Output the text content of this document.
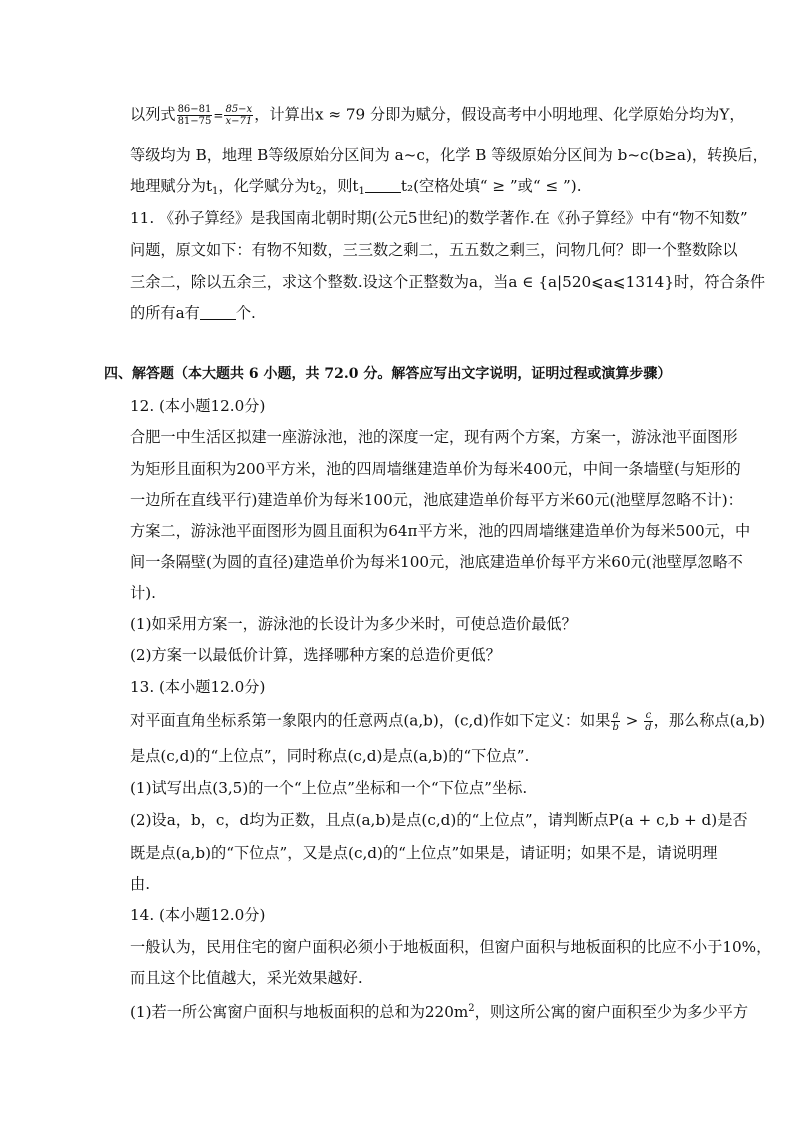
以列式 $\frac{86-81}{81-75} = \frac{85-x}{x-71}$ ，计算出x ≈ 79 分即为赋分，假设高考中小明地理、化学原始分均为Y，
等级均为 B，地理 B等级原始分区间为 a~c，化学 B 等级原始分区间为 b~c(b≥a)，转换后，
地理赋分为$t_1$，化学赋分为$t_2$，则$t_1$ t₂(空格处填“ ≥ ”或“ ≤ ”).
11. 《孙子算经》是我国南北朝时期(公元5世纪)的数学著作.在《孙子算经》中有“物不知数”
问题，原文如下：有物不知数，三三数之剩二，五五数之剩三，问物几何？即一个整数除以
三余二，除以五余三，求这个整数.设这个正整数为a，当a ∈ {a|520⩽a⩽1314}时，符合条件
的所有a有 个.
四、解答题（本大题共 6 小题，共 72.0 分。解答应写出文字说明，证明过程或演算步骤）
12. (本小题12.0分)
合肥一中生活区拟建一座游泳池，池的深度一定，现有两个方案，方案一，游泳池平面图形
为矩形且面积为200平方米，池的四周墙继建造单价为每米400元，中间一条墙壁(与矩形的
一边所在直线平行)建造单价为每米100元，池底建造单价每平方米60元(池壁厚忽略不计)：
方案二，游泳池平面图形为圆且面积为64π平方米，池的四周墙继建造单价为每米500元，中
间一条隔壁(为圆的直径)建造单价为每米100元，池底建造单价每平方米60元(池壁厚忽略不
计).
(1)如采用方案一，游泳池的长设计为多少米时，可使总造价最低？
(2)方案一以最低价计算，选择哪种方案的总造价更低？
13. (本小题12.0分)
对平面直角坐标系第一象限内的任意两点(a,b)，(c,d)作如下定义：如果 $\frac{a}{b} > \frac{c}{d}$ ，那么称点(a,b)
是点(c,d)的“上位点”，同时称点(c,d)是点(a,b)的“下位点”.
(1)试写出点(3,5)的一个“上位点”坐标和一个“下位点”坐标.
(2)设a，b，c，d均为正数，且点(a,b)是点(c,d)的“上位点”，请判断点P(a + c,b + d)是否
既是点(a,b)的“下位点”，又是点(c,d)的“上位点”如果是，请证明；如果不是，请说明理
由.
14. (本小题12.0分)
一般认为，民用住宅的窗户面积必须小于地板面积，但窗户面积与地板面积的比应不小于10%，
而且这个比值越大，采光效果越好.
(1)若一所公寓窗户面积与地板面积的总和为$220m^2$，则这所公寓的窗户面积至少为多少平方
